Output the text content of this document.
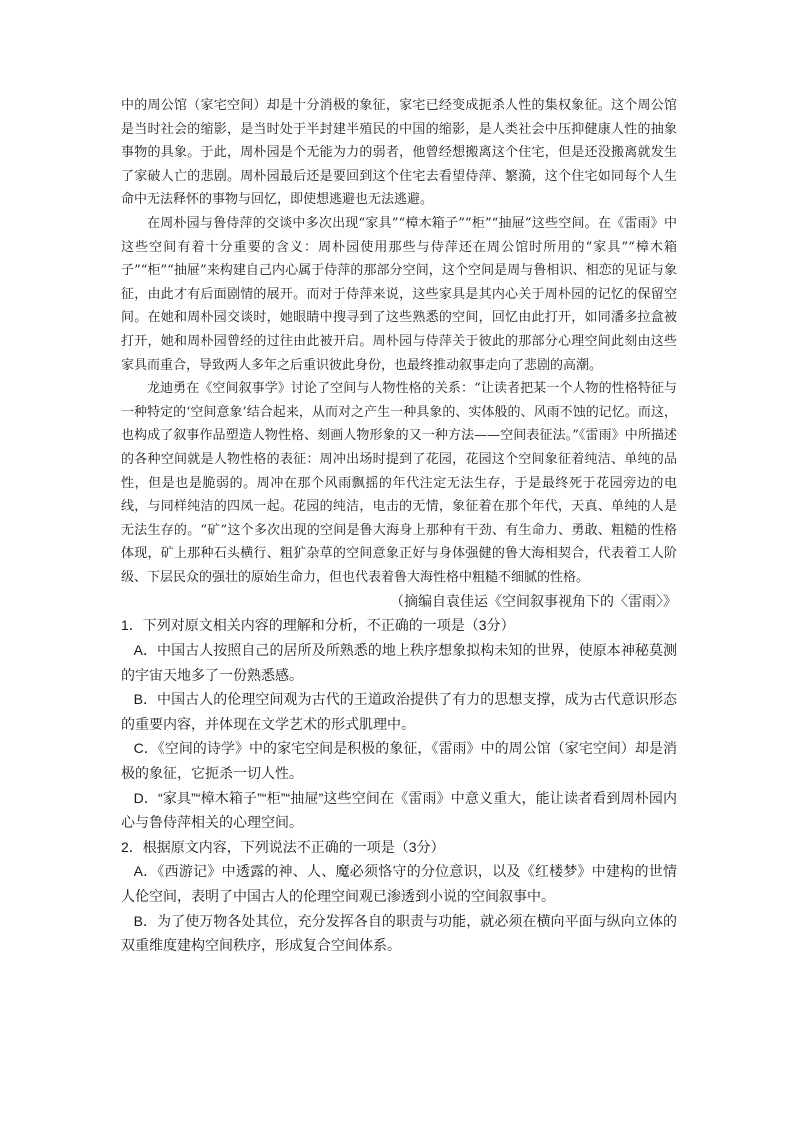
中的周公馆（家宅空间）却是十分消极的象征，家宅已经变成扼杀人性的集权象征。这个周公馆是当时社会的缩影，是当时处于半封建半殖民的中国的缩影，是人类社会中压抑健康人性的抽象事物的具象。于此，周朴园是个无能为力的弱者，他曾经想搬离这个住宅，但是还没搬离就发生了家破人亡的悲剧。周朴园最后还是要回到这个住宅去看望侍萍、繁漪，这个住宅如同每个人生命中无法释怀的事物与回忆，即使想逃避也无法逃避。

在周朴园与鲁侍萍的交谈中多次出现“家具”“樟木箱子”“柜”“抽屉”这些空间。在《雷雨》中这些空间有着十分重要的含义：周朴园使用那些与侍萍还在周公馆时所用的“家具”“樟木箱子”“柜”“抽屉”来构建自己内心属于侍萍的那部分空间，这个空间是周与鲁相识、相恋的见证与象征，由此才有后面剧情的展开。而对于侍萍来说，这些家具是其内心关于周朴园的记忆的保留空间。在她和周朴园交谈时，她眼睛中搜寻到了这些熟悉的空间，回忆由此打开，如同潘多拉盒被打开，她和周朴园曾经的过往由此被开启。周朴园与侍萍关于彼此的那部分心理空间此刻由这些家具而重合，导致两人多年之后重识彼此身份，也最终推动叙事走向了悲剧的高潮。

龙迪勇在《空间叙事学》讨论了空间与人物性格的关系：“让读者把某一个人物的性格特征与一种特定的‘空间意象’结合起来，从而对之产生一种具象的、实体般的、风雨不蚀的记忆。而这，也构成了叙事作品塑造人物性格、刻画人物形象的又一种方法——空间表征法。”《雷雨》中所描述的各种空间就是人物性格的表征：周冲出场时提到了花园，花园这个空间象征着纯洁、单纯的品性，但是也是脆弱的。周冲在那个风雨飘摇的年代注定无法生存，于是最终死于花园旁边的电线，与同样纯洁的四凤一起。花园的纯洁，电击的无情，象征着在那个年代，天真、单纯的人是无法生存的。“矿”这个多次出现的空间是鲁大海身上那种有干劲、有生命力、勇敢、粗糙的性格体现，矿上那种石头横行、粗犷杂草的空间意象正好与身体强健的鲁大海相契合，代表着工人阶级、下层民众的强壮的原始生命力，但也代表着鲁大海性格中粗糙不细腻的性格。

（摘编自袁佳运《空间叙事视角下的〈雷雨〉》

1．下列对原文相关内容的理解和分析，不正确的一项是（3分）

A．中国古人按照自己的居所及所熟悉的地上秩序想象拟构未知的世界，使原本神秘莫测的宇宙天地多了一份熟悉感。

B．中国古人的伦理空间观为古代的王道政治提供了有力的思想支撑，成为古代意识形态的重要内容，并体现在文学艺术的形式肌理中。

C．《空间的诗学》中的家宅空间是积极的象征，《雷雨》中的周公馆（家宅空间）却是消极的象征，它扼杀一切人性。

D．“家具”“樟木箱子”“柜”“抽屉”这些空间在《雷雨》中意义重大，能让读者看到周朴园内心与鲁侍萍相关的心理空间。

2．根据原文内容，下列说法不正确的一项是（3分）

A．《西游记》中透露的神、人、魔必须恪守的分位意识，以及《红楼梦》中建构的世情人伦空间，表明了中国古人的伦理空间观已渗透到小说的空间叙事中。

B．为了使万物各处其位，充分发挥各自的职责与功能，就必须在横向平面与纵向立体的双重维度建构空间秩序，形成复合空间体系。
